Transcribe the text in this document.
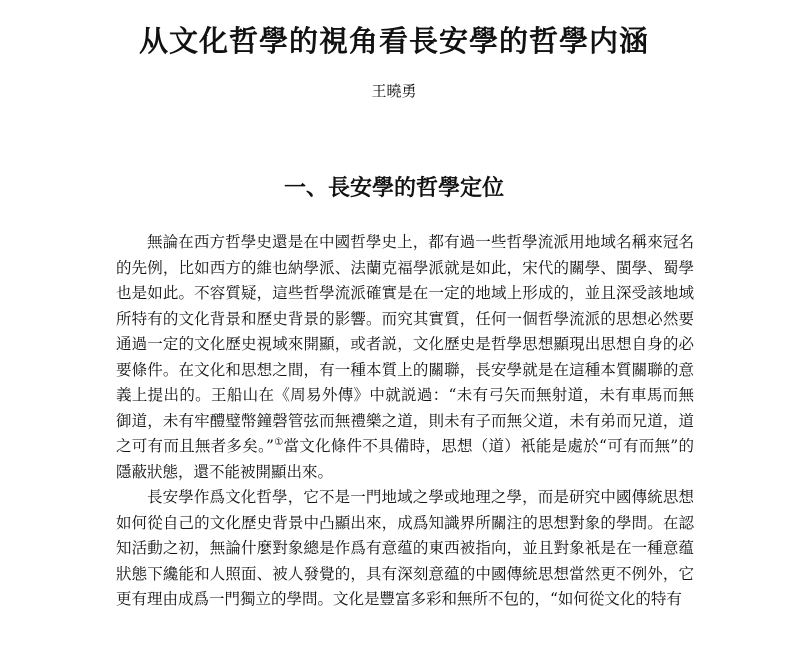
从文化哲學的視角看長安學的哲學内涵
王曉勇
一、長安學的哲學定位

無論在西方哲學史還是在中國哲學史上，都有過一些哲學流派用地域名稱來冠名的先例，比如西方的維也納學派、法蘭克福學派就是如此，宋代的關學、閩學、蜀學也是如此。不容質疑，這些哲學流派確實是在一定的地域上形成的，並且深受該地域所特有的文化背景和歷史背景的影響。而究其實質，任何一個哲學流派的思想必然要通過一定的文化歷史視域來開顯，或者説，文化歷史是哲學思想顯現出思想自身的必要條件。在文化和思想之間，有一種本質上的關聯，長安學就是在這種本質關聯的意義上提出的。王船山在《周易外傳》中就説過：“未有弓矢而無射道，未有車馬而無御道，未有牢醴璧幣鐘磬管弦而無禮樂之道，則未有子而無父道，未有弟而兄道，道之可有而且無者多矣。”①當文化條件不具備時，思想（道）衹能是處於“可有而無”的隱蔽狀態，還不能被開顯出來。

長安學作爲文化哲學，它不是一門地域之學或地理之學，而是研究中國傳統思想如何從自己的文化歷史背景中凸顯出來，成爲知識界所關注的思想對象的學問。在認知活動之初，無論什麼對象總是作爲有意蕴的東西被指向，並且對象衹是在一種意蕴狀態下纔能和人照面、被人發覺的，具有深刻意蕴的中國傳統思想當然更不例外，它更有理由成爲一門獨立的學問。文化是豐富多彩和無所不包的，“如何從文化的特有
